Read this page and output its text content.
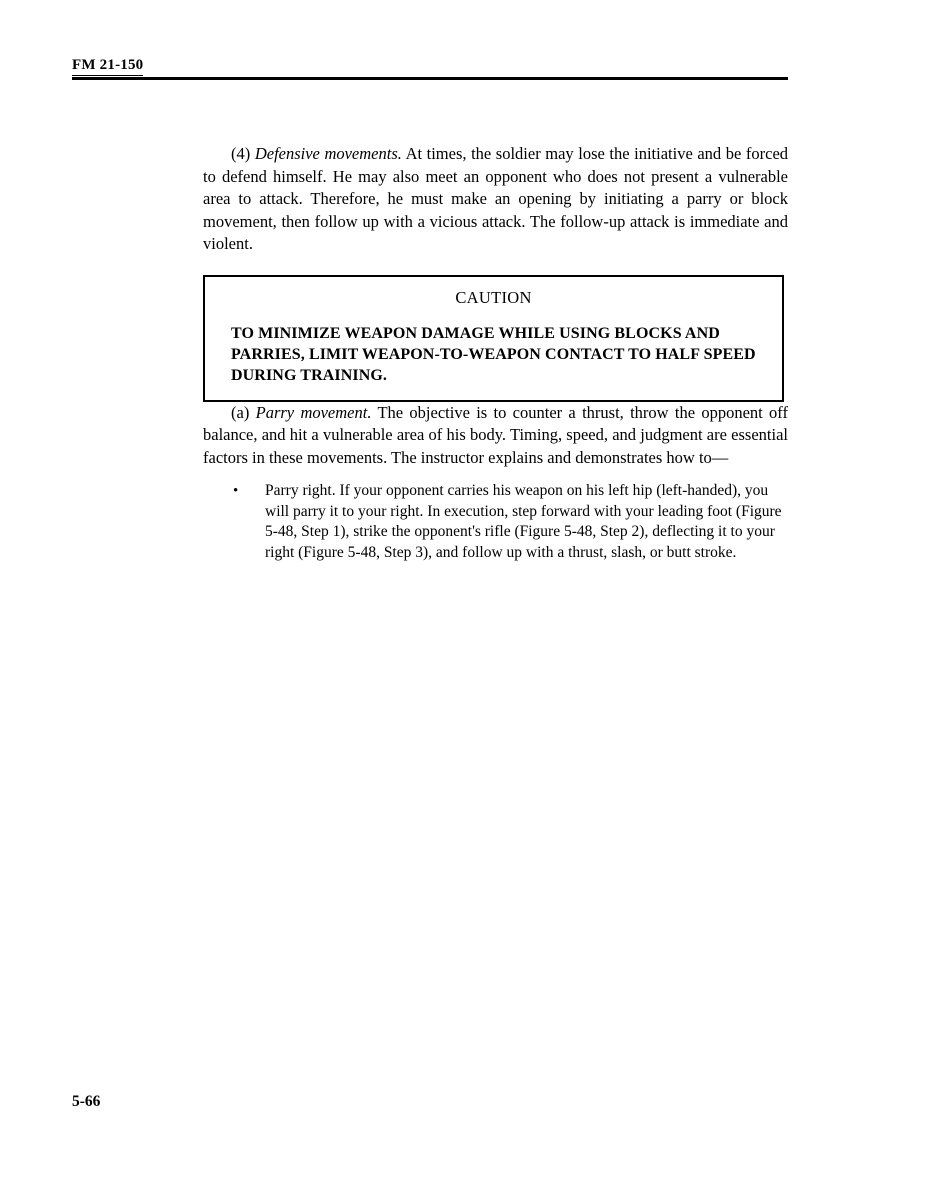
FM 21-150

(4) Defensive movements. At times, the soldier may lose the initiative and be forced to defend himself. He may also meet an opponent who does not present a vulnerable area to attack. Therefore, he must make an opening by initiating a parry or block movement, then follow up with a vicious attack. The follow-up attack is immediate and violent.

CAUTION
TO MINIMIZE WEAPON DAMAGE WHILE USING BLOCKS AND PARRIES, LIMIT WEAPON-TO-WEAPON CONTACT TO HALF SPEED DURING TRAINING.

(a) Parry movement. The objective is to counter a thrust, throw the opponent off balance, and hit a vulnerable area of his body. Timing, speed, and judgment are essential factors in these movements. The instructor explains and demonstrates how to—

• Parry right. If your opponent carries his weapon on his left hip (left-handed), you will parry it to your right. In execution, step forward with your leading foot (Figure 5-48, Step 1), strike the opponent's rifle (Figure 5-48, Step 2), deflecting it to your right (Figure 5-48, Step 3), and follow up with a thrust, slash, or butt stroke.
5-66
